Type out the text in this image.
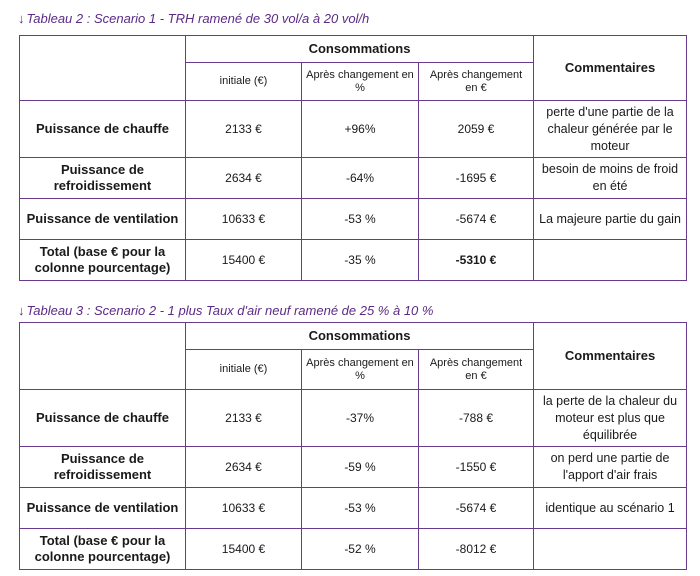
↓ Tableau 2 : Scenario 1 - TRH ramené de 30 vol/a à 20 vol/h
	Consommations			Commentaires
	initiale (€)	Après changement en %	Après changement en €	
Puissance de chauffe	2133 €	+96%	2059 €	perte d'une partie de la chaleur générée par le moteur
Puissance de refroidissement	2634 €	-64%	-1695 €	besoin de moins de froid en été
Puissance de ventilation	10633 €	-53 %	-5674 €	La majeure partie du gain
Total (base € pour la colonne pourcentage)	15400 €	-35 %	-5310 €	
↓ Tableau 3 : Scenario 2 - 1 plus Taux d'air neuf ramené de 25 % à 10 %
	Consommations			Commentaires
	initiale (€)	Après changement en %	Après changement en €	
Puissance de chauffe	2133 €	-37%	-788 €	la perte de la chaleur du moteur est plus que équilibrée
Puissance de refroidissement	2634 €	-59 %	-1550 €	on perd une partie de l'apport d'air frais
Puissance de ventilation	10633 €	-53 %	-5674 €	identique au scénario 1
Total (base € pour la colonne pourcentage)	15400 €	-52 %	-8012 €	
